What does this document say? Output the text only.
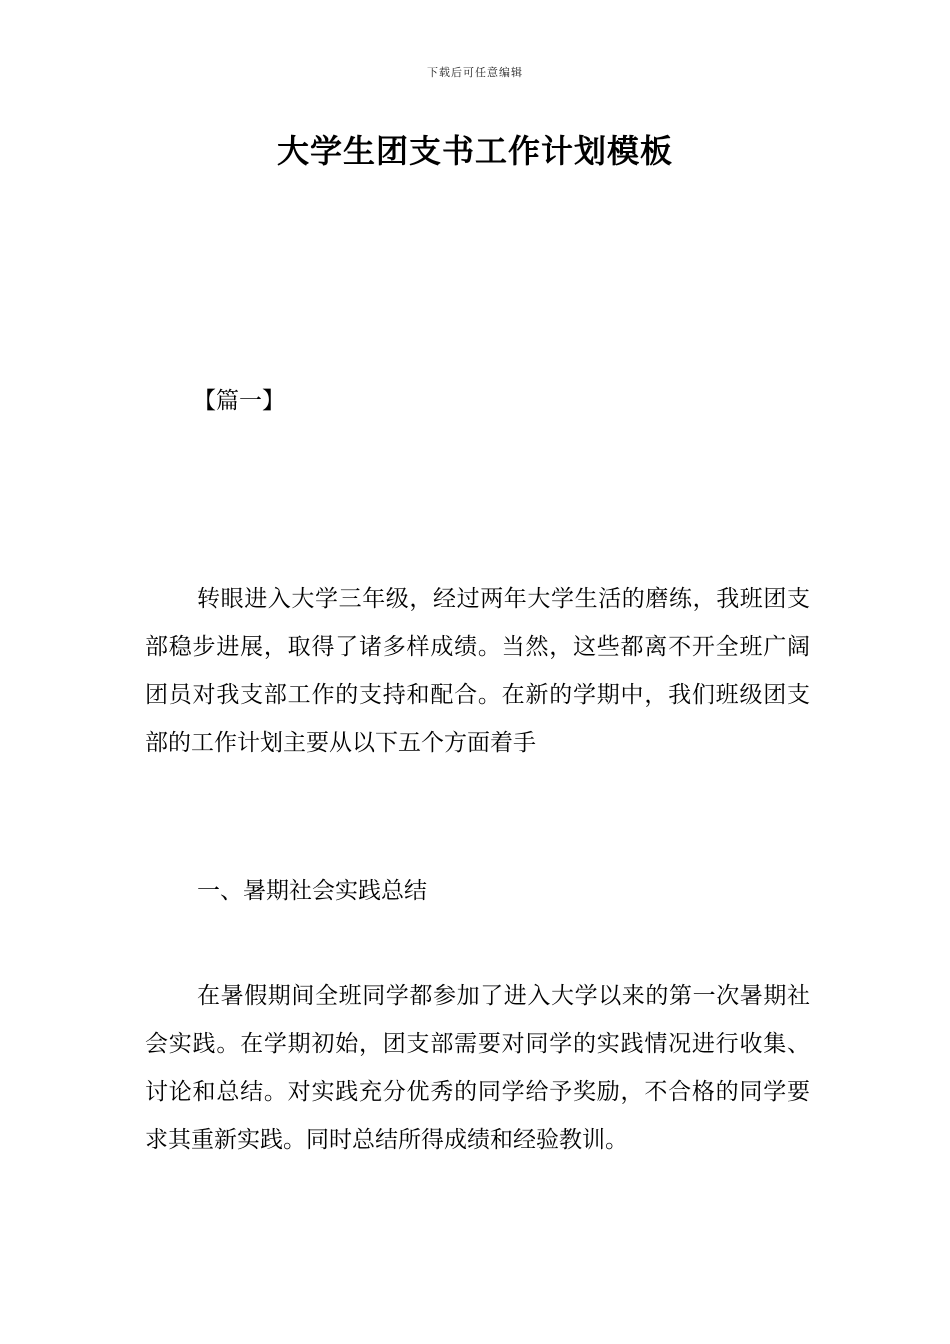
下载后可任意编辑
大学生团支书工作计划模板

【篇一】

转眼进入大学三年级，经过两年大学生活的磨练，我班团支部稳步进展，取得了诸多样成绩。当然，这些都离不开全班广阔团员对我支部工作的支持和配合。在新的学期中，我们班级团支部的工作计划主要从以下五个方面着手

一、暑期社会实践总结

在暑假期间全班同学都参加了进入大学以来的第一次暑期社会实践。在学期初始，团支部需要对同学的实践情况进行收集、讨论和总结。对实践充分优秀的同学给予奖励，不合格的同学要求其重新实践。同时总结所得成绩和经验教训。
